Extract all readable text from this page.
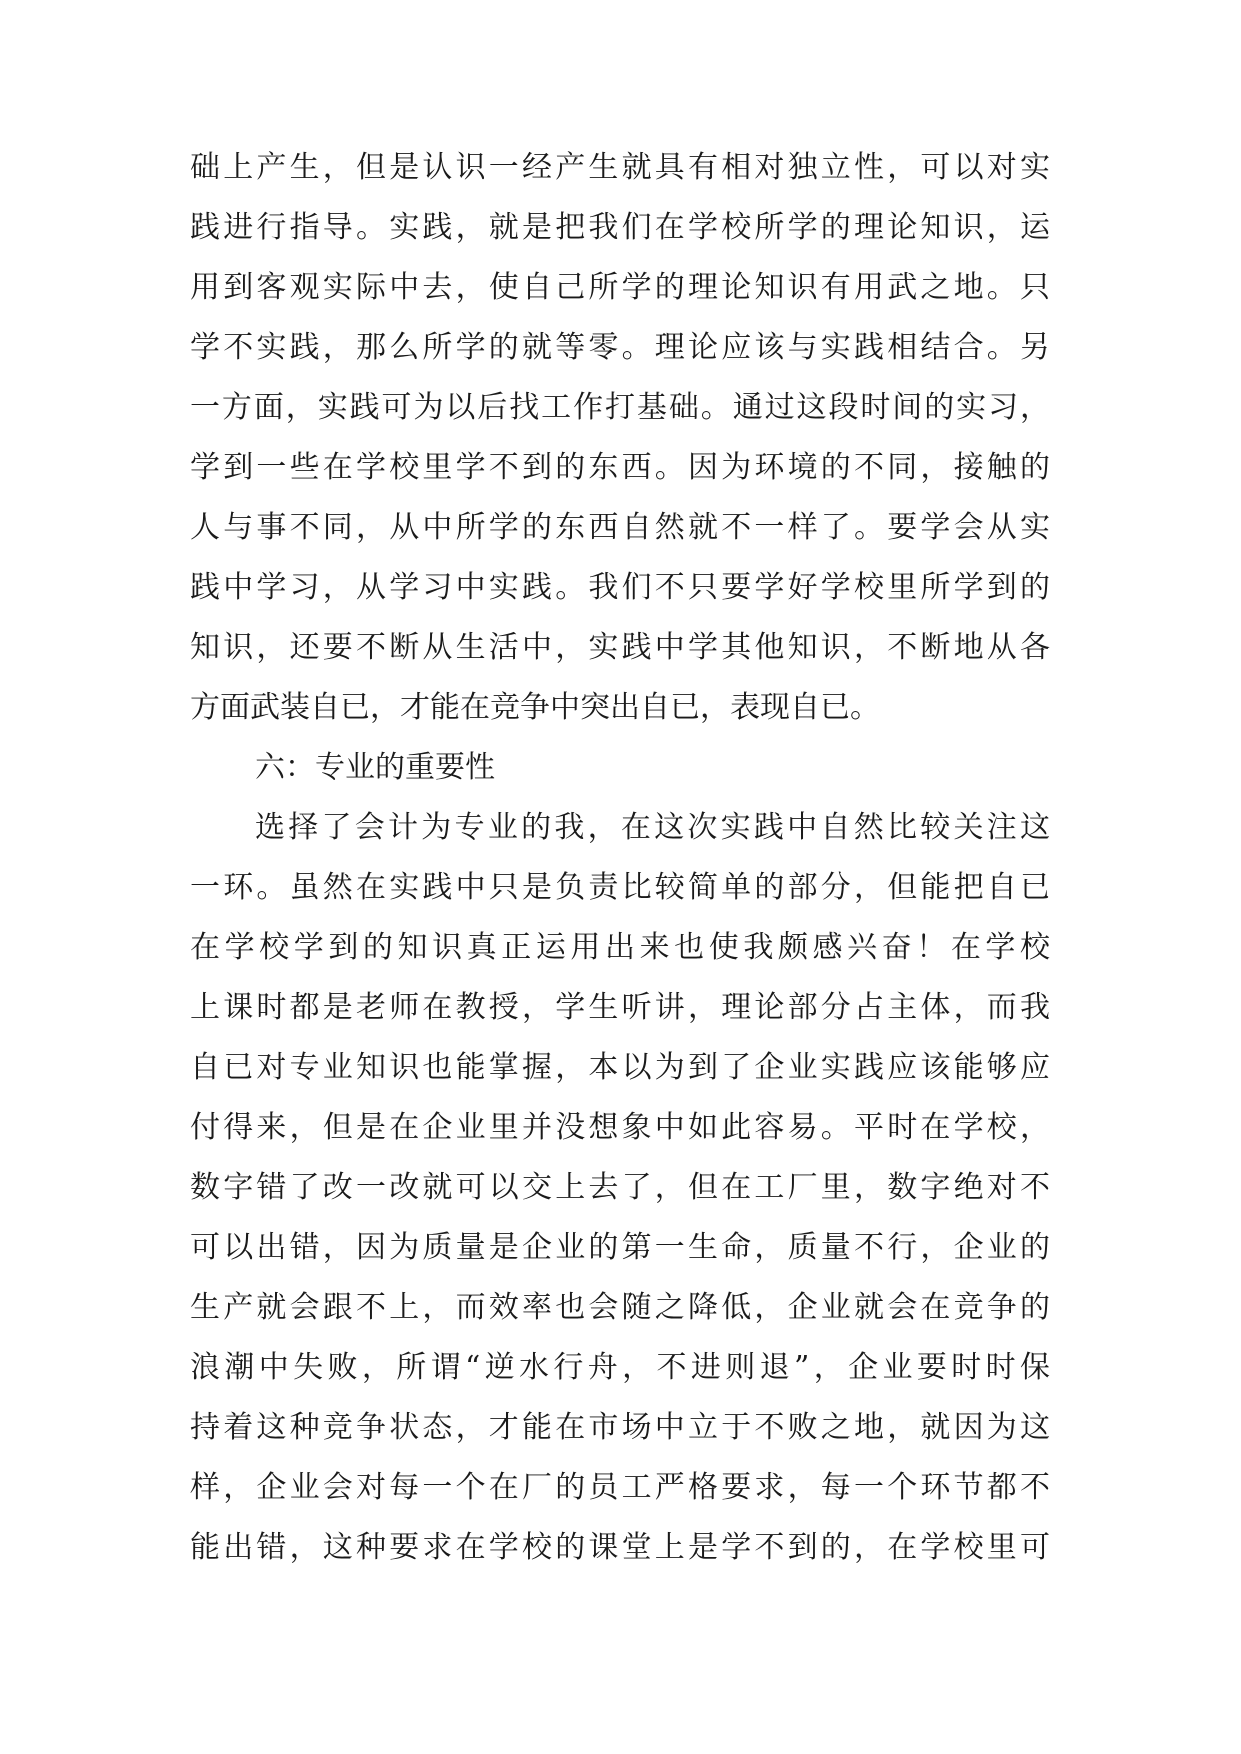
础上产生，但是认识一经产生就具有相对独立性，可以对实
践进行指导。实践，就是把我们在学校所学的理论知识，运
用到客观实际中去，使自己所学的理论知识有用武之地。只
学不实践，那么所学的就等零。理论应该与实践相结合。另
一方面，实践可为以后找工作打基础。通过这段时间的实习，
学到一些在学校里学不到的东西。因为环境的不同，接触的
人与事不同，从中所学的东西自然就不一样了。要学会从实
践中学习，从学习中实践。我们不只要学好学校里所学到的
知识，还要不断从生活中，实践中学其他知识，不断地从各
方面武装自已，才能在竞争中突出自已，表现自已。
六：专业的重要性
选择了会计为专业的我，在这次实践中自然比较关注这
一环。虽然在实践中只是负责比较简单的部分，但能把自已
在学校学到的知识真正运用出来也使我颇感兴奋！在学校
上课时都是老师在教授，学生听讲，理论部分占主体，而我
自已对专业知识也能掌握，本以为到了企业实践应该能够应
付得来，但是在企业里并没想象中如此容易。平时在学校，
数字错了改一改就可以交上去了，但在工厂里，数字绝对不
可以出错，因为质量是企业的第一生命，质量不行，企业的
生产就会跟不上，而效率也会随之降低，企业就会在竞争的
浪潮中失败，所谓“逆水行舟，不进则退”，企业要时时保
持着这种竞争状态，才能在市场中立于不败之地，就因为这
样，企业会对每一个在厂的员工严格要求，每一个环节都不
能出错，这种要求在学校的课堂上是学不到的，在学校里可
